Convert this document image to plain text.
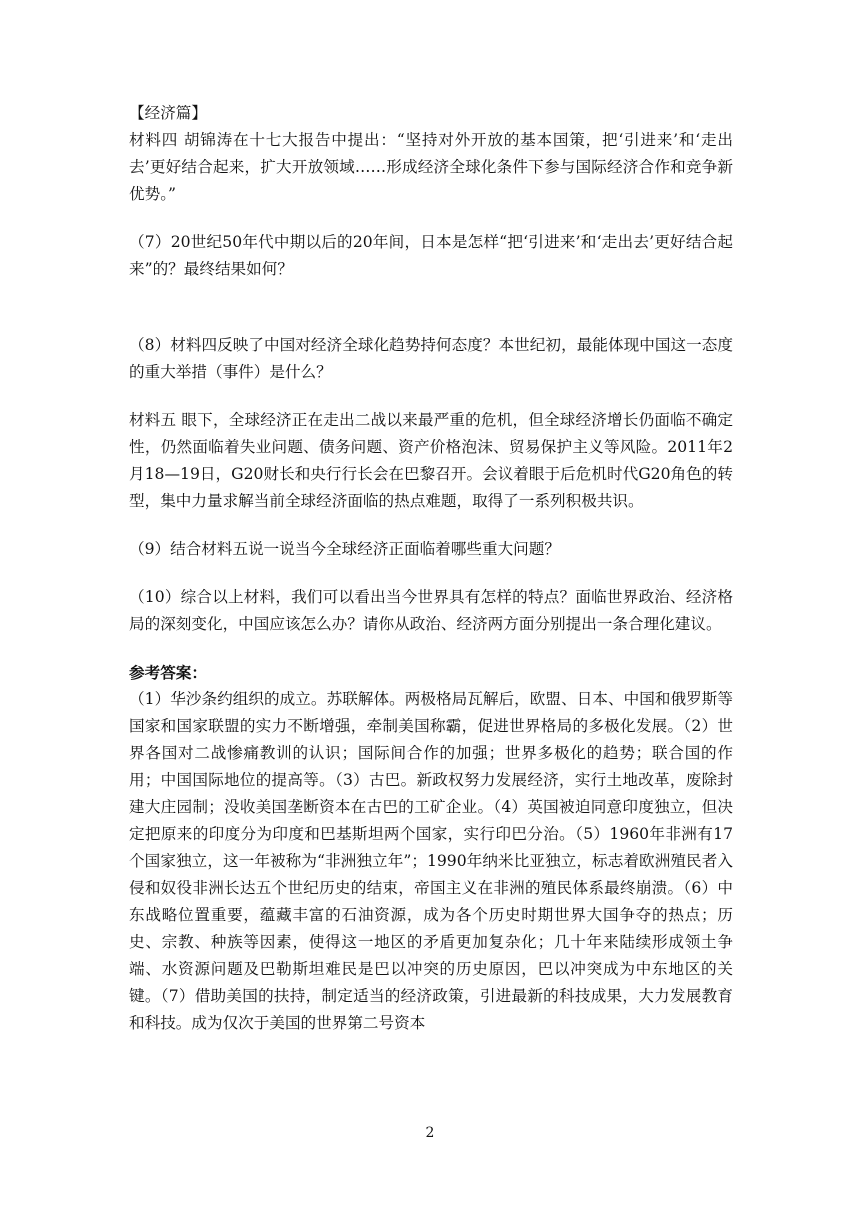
【经济篇】

材料四 胡锦涛在十七大报告中提出：“坚持对外开放的基本国策，把‘引进来’和‘走出去’更好结合起来，扩大开放领域……形成经济全球化条件下参与国际经济合作和竞争新优势。”

（7）20世纪50年代中期以后的20年间，日本是怎样“把‘引进来’和‘走出去’更好结合起来”的？最终结果如何？

（8）材料四反映了中国对经济全球化趋势持何态度？本世纪初，最能体现中国这一态度的重大举措（事件）是什么？

材料五 眼下，全球经济正在走出二战以来最严重的危机，但全球经济增长仍面临不确定性，仍然面临着失业问题、债务问题、资产价格泡沫、贸易保护主义等风险。2011年2月18—19日，G20财长和央行行长会在巴黎召开。会议着眼于后危机时代G20角色的转型，集中力量求解当前全球经济面临的热点难题，取得了一系列积极共识。

（9）结合材料五说一说当今全球经济正面临着哪些重大问题？

（10）综合以上材料，我们可以看出当今世界具有怎样的特点？面临世界政治、经济格局的深刻变化，中国应该怎么办？请你从政治、经济两方面分别提出一条合理化建议。

参考答案：

（1）华沙条约组织的成立。苏联解体。两极格局瓦解后，欧盟、日本、中国和俄罗斯等国家和国家联盟的实力不断增强，牵制美国称霸，促进世界格局的多极化发展。（2）世界各国对二战惨痛教训的认识；国际间合作的加强；世界多极化的趋势；联合国的作用；中国国际地位的提高等。（3）古巴。新政权努力发展经济，实行土地改革，废除封建大庄园制；没收美国垄断资本在古巴的工矿企业。（4）英国被迫同意印度独立，但决定把原来的印度分为印度和巴基斯坦两个国家，实行印巴分治。（5）1960年非洲有17个国家独立，这一年被称为“非洲独立年”；1990年纳米比亚独立，标志着欧洲殖民者入侵和奴役非洲长达五个世纪历史的结束，帝国主义在非洲的殖民体系最终崩溃。（6）中东战略位置重要，蕴藏丰富的石油资源，成为各个历史时期世界大国争夺的热点；历史、宗教、种族等因素，使得这一地区的矛盾更加复杂化；几十年来陆续形成领土争端、水资源问题及巴勒斯坦难民是巴以冲突的历史原因，巴以冲突成为中东地区的关键。（7）借助美国的扶持，制定适当的经济政策，引进最新的科技成果，大力发展教育和科技。成为仅次于美国的世界第二号资本

2
